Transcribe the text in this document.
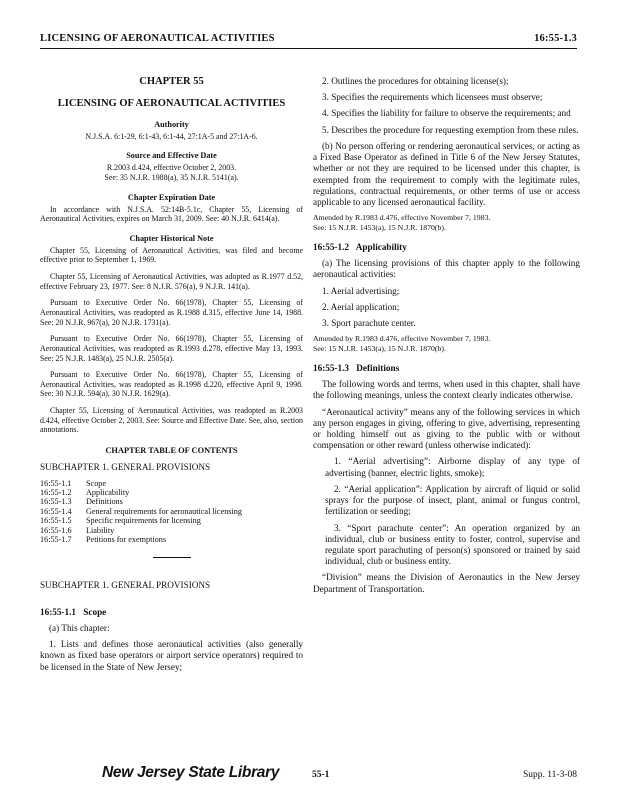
LICENSING OF AERONAUTICAL ACTIVITIES	16:55-1.3
CHAPTER 55
LICENSING OF AERONAUTICAL ACTIVITIES
Authority
N.J.S.A. 6:1-29, 6:1-43, 6:1-44, 27:1A-5 and 27:1A-6.
Source and Effective Date
R.2003 d.424, effective October 2, 2003.
See: 35 N.J.R. 1988(a), 35 N.J.R. 5141(a).
Chapter Expiration Date
In accordance with N.J.S.A. 52:14B-5.1c, Chapter 55, Licensing of Aeronautical Activities, expires on March 31, 2009. See: 40 N.J.R. 6414(a).
Chapter Historical Note
Chapter 55, Licensing of Aeronautical Activities, was filed and become effective prior to September 1, 1969.
Chapter 55, Licensing of Aeronautical Activities, was adopted as R.1977 d.52, effective February 23, 1977. See: 8 N.J.R. 576(a), 9 N.J.R. 141(a).
Pursuant to Executive Order No. 66(1978), Chapter 55, Licensing of Aeronautical Activities, was readopted as R.1988 d.315, effective June 14, 1988. See: 20 N.J.R. 967(a), 20 N.J.R. 1731(a).
Pursuant to Executive Order No. 66(1978), Chapter 55, Licensing of Aeronautical Activities, was readopted as R.1993 d.278, effective May 13, 1993. See: 25 N.J.R. 1483(a), 25 N.J.R. 2505(a).
Pursuant to Executive Order No. 66(1978), Chapter 55, Licensing of Aeronautical Activities, was readopted as R.1998 d.220, effective April 9, 1998. See: 30 N.J.R. 594(a), 30 N.J.R. 1629(a).
Chapter 55, Licensing of Aeronautical Activities, was readopted as R.2003 d.424, effective October 2, 2003. See: Source and Effective Date. See, also, section annotations.
CHAPTER TABLE OF CONTENTS
SUBCHAPTER 1. GENERAL PROVISIONS
16:55-1.1	Scope
16:55-1.2	Applicability
16:55-1.3	Definitions
16:55-1.4	General requirements for aeronautical licensing
16:55-1.5	Specific requirements for licensing
16:55-1.6	Liability
16:55-1.7	Petitions for exemptions
SUBCHAPTER 1. GENERAL PROVISIONS
16:55-1.1 Scope
(a) This chapter:
1. Lists and defines those aeronautical activities (also generally known as fixed base operators or airport service operators) required to be licensed in the State of New Jersey;
2. Outlines the procedures for obtaining license(s);
3. Specifies the requirements which licensees must observe;
4. Specifies the liability for failure to observe the requirements; and
5. Describes the procedure for requesting exemption from these rules.
(b) No person offering or rendering aeronautical services, or acting as a Fixed Base Operator as defined in Title 6 of the New Jersey Statutes, whether or not they are required to be licensed under this chapter, is exempted from the requirement to comply with the legitimate rules, regulations, contractual requirements, or other terms of use or access applicable to any licensed aeronautical facility.
Amended by R.1983 d.476, effective November 7, 1983.
See: 15 N.J.R. 1453(a), 15 N.J.R. 1870(b).
16:55-1.2 Applicability
(a) The licensing provisions of this chapter apply to the following aeronautical activities:
1. Aerial advertising;
2. Aerial application;
3. Sport parachute center.
Amended by R.1983 d.476, effective November 7, 1983.
See: 15 N.J.R. 1453(a), 15 N.J.R. 1870(b).
16:55-1.3 Definitions
The following words and terms, when used in this chapter, shall have the following meanings, unless the context clearly indicates otherwise.
“Aeronautical activity” means any of the following services in which any person engages in giving, offering to give, advertising, representing or holding himself out as giving to the public with or without compensation or other reward (unless otherwise indicated):
1. “Aerial advertising”: Airborne display of any type of advertising (banner, electric lights, smoke);
2. “Aerial application”: Application by aircraft of liquid or solid sprays for the purpose of insect, plant, animal or fungus control, fertilization or seeding;
3. “Sport parachute center”: An operation organized by an individual, club or business entity to foster, control, supervise and regulate sport parachuting of person(s) sponsored or trained by said individual, club or business entity.
“Division” means the Division of Aeronautics in the New Jersey Department of Transportation.
New Jersey State Library	55-1	Supp. 11-3-08
